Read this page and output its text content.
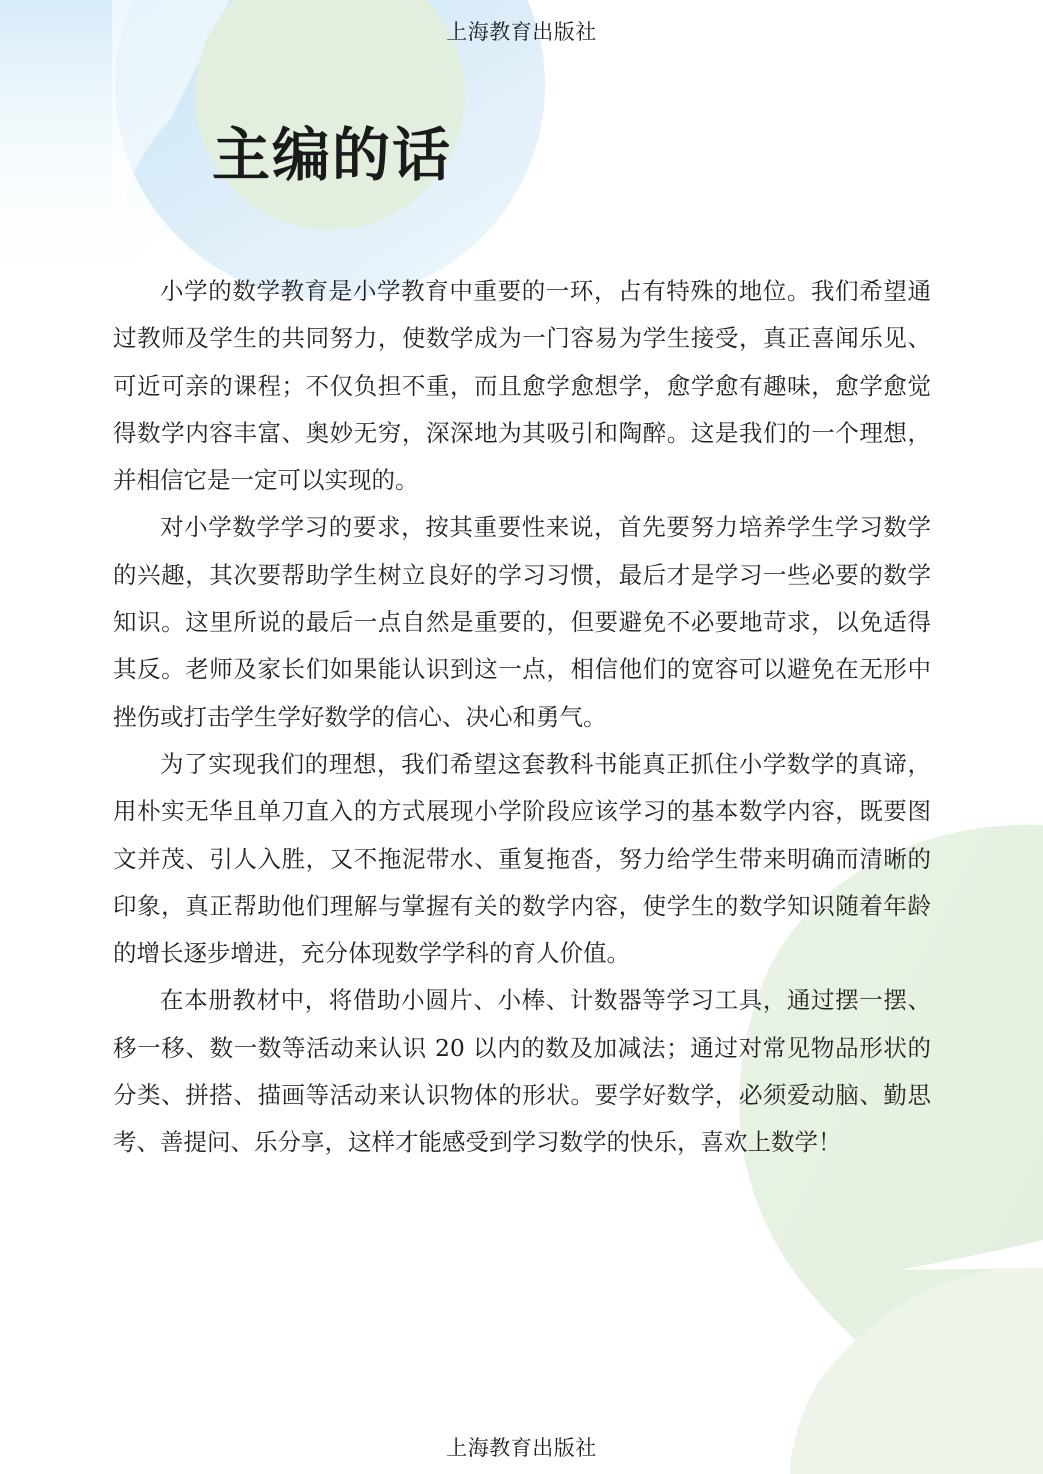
上海教育出版社
主编的话

小学的数学教育是小学教育中重要的一环，占有特殊的地位。我们希望通过教师及学生的共同努力，使数学成为一门容易为学生接受，真正喜闻乐见、可近可亲的课程；不仅负担不重，而且愈学愈想学，愈学愈有趣味，愈学愈觉得数学内容丰富、奥妙无穷，深深地为其吸引和陶醉。这是我们的一个理想，并相信它是一定可以实现的。

对小学数学学习的要求，按其重要性来说，首先要努力培养学生学习数学的兴趣，其次要帮助学生树立良好的学习习惯，最后才是学习一些必要的数学知识。这里所说的最后一点自然是重要的，但要避免不必要地苛求，以免适得其反。老师及家长们如果能认识到这一点，相信他们的宽容可以避免在无形中挫伤或打击学生学好数学的信心、决心和勇气。

为了实现我们的理想，我们希望这套教科书能真正抓住小学数学的真谛，用朴实无华且单刀直入的方式展现小学阶段应该学习的基本数学内容，既要图文并茂、引人入胜，又不拖泥带水、重复拖沓，努力给学生带来明确而清晰的印象，真正帮助他们理解与掌握有关的数学内容，使学生的数学知识随着年龄的增长逐步增进，充分体现数学学科的育人价值。

在本册教材中，将借助小圆片、小棒、计数器等学习工具，通过摆一摆、移一移、数一数等活动来认识 20 以内的数及加减法；通过对常见物品形状的分类、拼搭、描画等活动来认识物体的形状。要学好数学，必须爱动脑、勤思考、善提问、乐分享，这样才能感受到学习数学的快乐，喜欢上数学！

上海教育出版社
